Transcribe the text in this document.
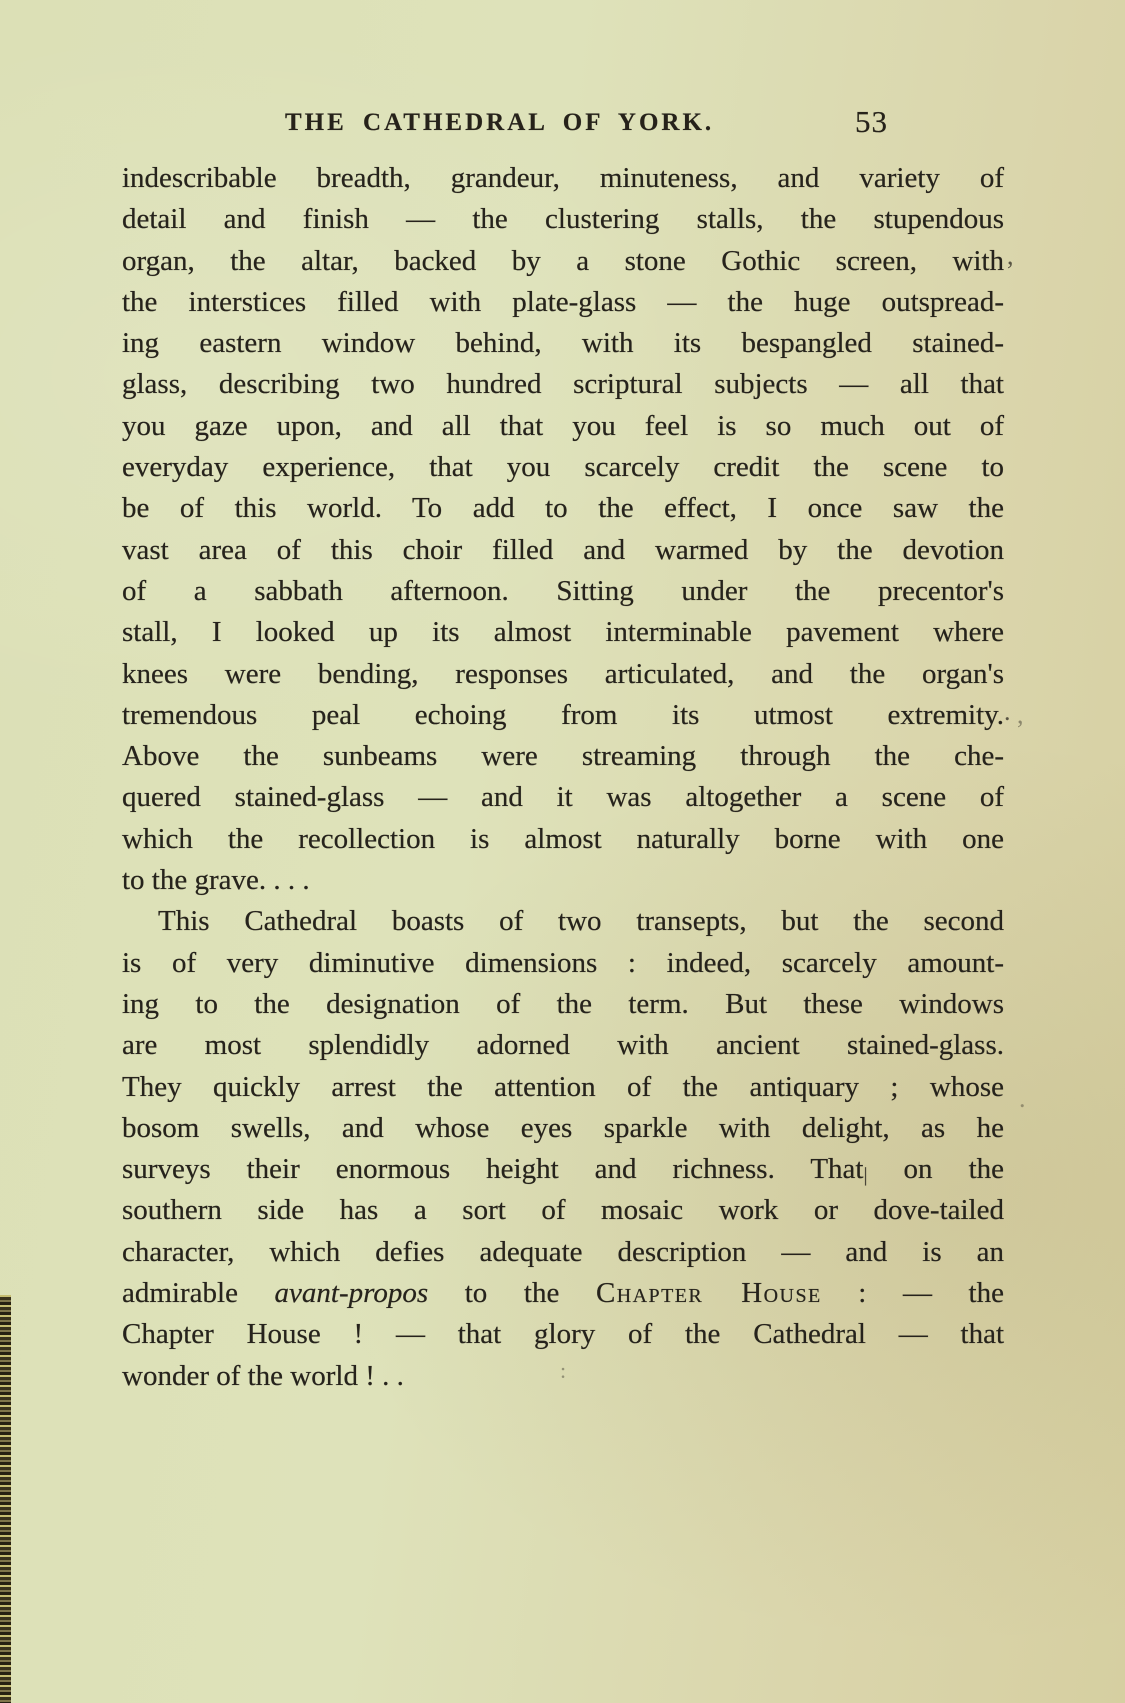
THE CATHEDRAL OF YORK.	53
indescribable breadth, grandeur, minuteness, and variety of
detail and finish — the clustering stalls, the stupendous
organ, the altar, backed by a stone Gothic screen, with
the interstices filled with plate-glass — the huge outspread-
ing eastern window behind, with its bespangled stained-
glass, describing two hundred scriptural subjects — all that
you gaze upon, and all that you feel is so much out of
everyday experience, that you scarcely credit the scene to
be of this world. To add to the effect, I once saw the
vast area of this choir filled and warmed by the devotion
of a sabbath afternoon. Sitting under the precentor's
stall, I looked up its almost interminable pavement where
knees were bending, responses articulated, and the organ's
tremendous peal echoing from its utmost extremity.
Above the sunbeams were streaming through the che-
quered stained-glass — and it was altogether a scene of
which the recollection is almost naturally borne with one
to the grave. . . .
This Cathedral boasts of two transepts, but the second
is of very diminutive dimensions : indeed, scarcely amount-
ing to the designation of the term. But these windows
are most splendidly adorned with ancient stained-glass.
They quickly arrest the attention of the antiquary ; whose
bosom swells, and whose eyes sparkle with delight, as he
surveys their enormous height and richness. That| on the
southern side has a sort of mosaic work or dove-tailed
character, which defies adequate description — and is an
admirable avant-propos to the Chapter House : — the
Chapter House ! — that glory of the Cathedral — that
wonder of the world ! . .
,
. ,
:
.
